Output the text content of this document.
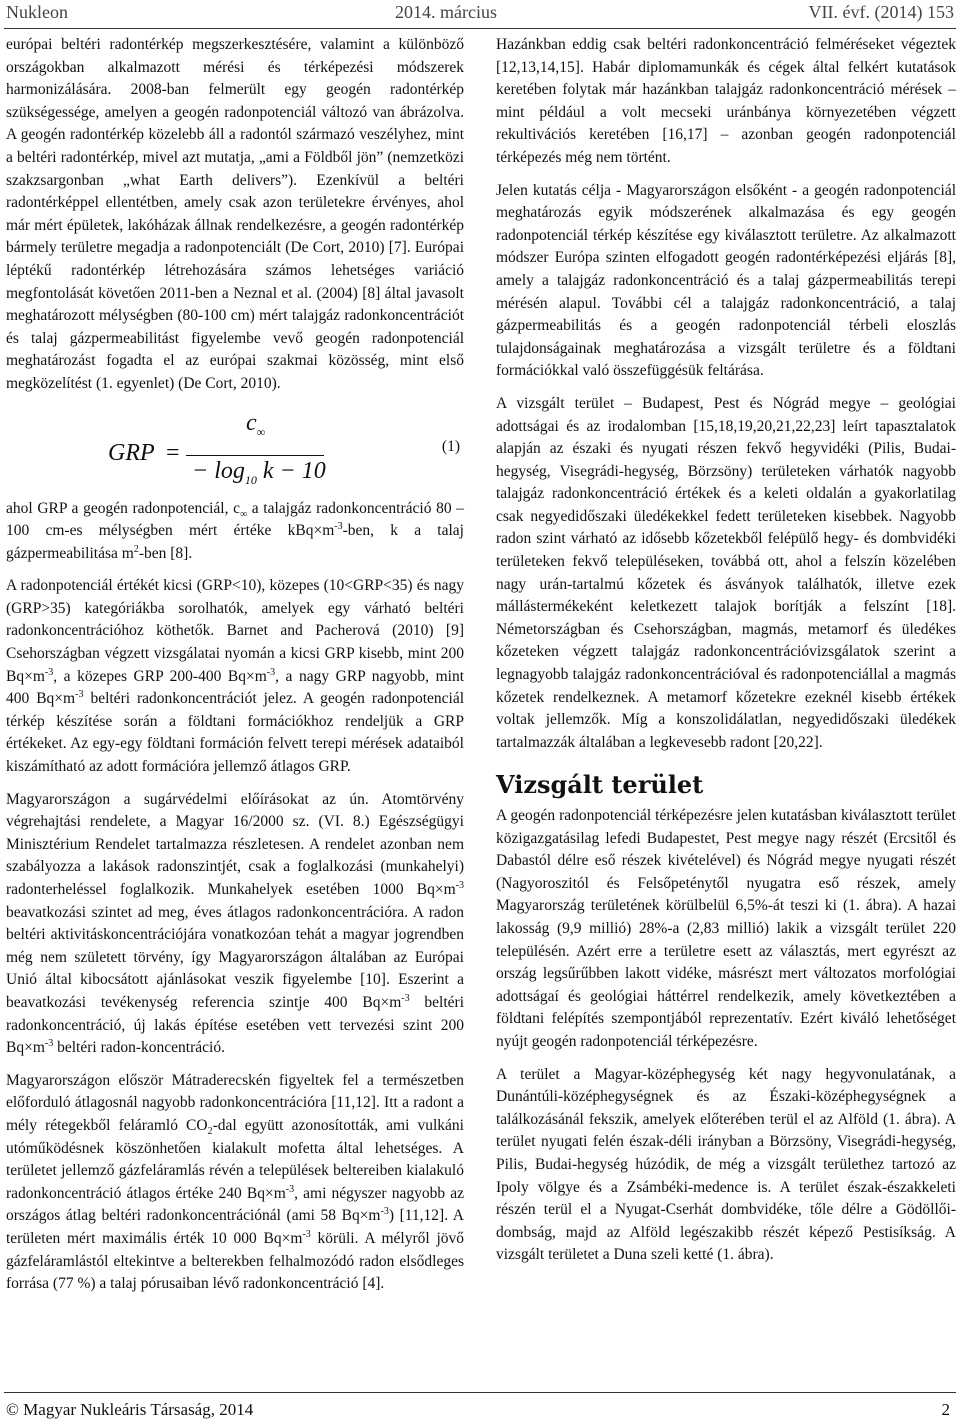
Nukleon	2014. március	VII. évf. (2014) 153

európai beltéri radontérkép megszerkesztésére, valamint a különböző országokban alkalmazott mérési és térképezési módszerek harmonizálására. 2008-ban felmerült egy geogén radontérkép szükségessége, amelyen a geogén radonpotenciál változó van ábrázolva. A geogén radontérkép közelebb áll a radontól származó veszélyhez, mint a beltéri radontérkép, mivel azt mutatja, „ami a Földből jön” (nemzetközi szakzsargonban „what Earth delivers”). Ezenkívül a beltéri radontérképpel ellentétben, amely csak azon területekre érvényes, ahol már mért épületek, lakóházak állnak rendelkezésre, a geogén radontérkép bármely területre megadja a radonpotenciált (De Cort, 2010) [7]. Európai léptékű radontérkép létrehozására számos lehetséges variáció megfontolását követően 2011-ben a Neznal et al. (2004) [8] által javasolt meghatározott mélységben (80-100 cm) mért talajgáz radonkoncentrációt és talaj gázpermeabilitást figyelembe vevő geogén radonpotenciál meghatározást fogadta el az európai szakmai közösség, mint első megközelítést (1. egyenlet) (De Cort, 2010).

GRP =
$c_\infty$
− $\log_{10} k - 10$
(1)

ahol GRP a geogén radonpotenciál, $c_\infty$ a talajgáz radonkoncentráció 80 – 100 cm-es mélységben mért értéke $kBq\times m^{-3}$-ben, k a talaj gázpermeabilitása $m^2$-ben [8].

A radonpotenciál értékét kicsi (GRP<10), közepes (10<GRP<35) és nagy (GRP>35) kategóriákba sorolhatók, amelyek egy várható beltéri radonkoncentrációhoz köthetők. Barnet and Pacherová (2010) [9] Csehországban végzett vizsgálatai nyomán a kicsi GRP kisebb, mint 200 $Bq\times m^{-3}$, a közepes GRP 200-400 $Bq\times m^{-3}$, a nagy GRP nagyobb, mint 400 $Bq\times m^{-3}$ beltéri radonkoncentrációt jelez. A geogén radonpotenciál térkép készítése során a földtani formációkhoz rendeljük a GRP értékeket. Az egy-egy földtani formáción felvett terepi mérések adataiból kiszámítható az adott formációra jellemző átlagos GRP.

Magyarországon a sugárvédelmi előírásokat az ún. Atomtörvény végrehajtási rendelete, a Magyar 16/2000 sz. (VI. 8.) Egészségügyi Minisztérium Rendelet tartalmazza részletesen. A rendelet azonban nem szabályozza a lakások radonszintjét, csak a foglalkozási (munkahelyi) radonterheléssel foglalkozik. Munkahelyek esetében 1000 $Bq\times m^{-3}$ beavatkozási szintet ad meg, éves átlagos radonkoncentrációra. A radon beltéri aktivitáskoncentrációjára vonatkozóan tehát a magyar jogrendben még nem született törvény, így Magyarországon általában az Európai Unió által kibocsátott ajánlásokat veszik figyelembe [10]. Eszerint a beavatkozási tevékenység referencia szintje 400 $Bq\times m^{-3}$ beltéri radonkoncentráció, új lakás építése esetében vett tervezési szint 200 $Bq\times m^{-3}$ beltéri radon-koncentráció.

Magyarországon először Mátraderecskén figyeltek fel a természetben előforduló átlagosnál nagyobb radonkoncentrációra [11,12]. Itt a radont a mély rétegekből feláramló $CO_2$-dal együtt azonosították, ami vulkáni utóműködésnek köszönhetően kialakult mofetta által lehetséges. A területet jellemző gázfeláramlás révén a települések beltereiben kialakuló radonkoncentráció átlagos értéke 240 $Bq\times m^{-3}$, ami négyszer nagyobb az országos átlag beltéri radonkoncentrációnál (ami 58 $Bq\times m^{-3}$) [11,12]. A területen mért maximális érték 10 000 $Bq\times m^{-3}$ körüli. A mélyről jövő gázfeláramlástól eltekintve a belterekben felhalmozódó radon elsődleges forrása (77 %) a talaj pórusaiban lévő radonkoncentráció [4].

Hazánkban eddig csak beltéri radonkoncentráció felméréseket végeztek [12,13,14,15]. Habár diplomamunkák és cégek által felkért kutatások keretében folytak már hazánkban talajgáz radonkoncentráció mérések – mint például a volt mecseki uránbánya környezetében végzett rekultivációs keretében [16,17] – azonban geogén radonpotenciál térképezés még nem történt.

Jelen kutatás célja - Magyarországon elsőként - a geogén radonpotenciál meghatározás egyik módszerének alkalmazása és egy geogén radonpotenciál térkép készítése egy kiválasztott területre. Az alkalmazott módszer Európa szinten elfogadott geogén radontérképezési eljárás [8], amely a talajgáz radonkoncentráció és a talaj gázpermeabilitás terepi mérésén alapul. További cél a talajgáz radonkoncentráció, a talaj gázpermeabilitás és a geogén radonpotenciál térbeli eloszlás tulajdonságainak meghatározása a vizsgált területre és a földtani formációkkal való összefüggésük feltárása.

A vizsgált terület – Budapest, Pest és Nógrád megye – geológiai adottságai és az irodalomban [15,18,19,20,21,22,23] leírt tapasztalatok alapján az északi és nyugati részen fekvő hegyvidéki (Pilis, Budai-hegység, Visegrádi-hegység, Börzsöny) területeken várhatók nagyobb talajgáz radonkoncentráció értékek és a keleti oldalán a gyakorlatilag csak negyedidőszaki üledékekkel fedett területeken kisebbek. Nagyobb radon szint várható az idősebb kőzetekből felépülő hegy- és dombvidéki területeken fekvő településeken, továbbá ott, ahol a felszín közelében nagy urán-tartalmú kőzetek és ásványok találhatók, illetve ezek mállástermékeként keletkezett talajok borítják a felszínt [18]. Németországban és Csehországban, magmás, metamorf és üledékes kőzeteken végzett talajgáz radonkoncentrációvizsgálatok szerint a legnagyobb talajgáz radonkoncentrációval és radonpotenciállal a magmás kőzetek rendelkeznek. A metamorf kőzetekre ezeknél kisebb értékek voltak jellemzők. Míg a konszolidálatlan, negyedidőszaki üledékek tartalmazzák általában a legkevesebb radont [20,22].

Vizsgált terület

A geogén radonpotenciál térképezésre jelen kutatásban kiválasztott terület közigazgatásilag lefedi Budapestet, Pest megye nagy részét (Ercsitől és Dabastól délre eső részek kivételével) és Nógrád megye nyugati részét (Nagyoroszitól és Felsőpeténytől nyugatra eső részek, amely Magyarország területének körülbelül 6,5%-át teszi ki (1. ábra). A hazai lakosság (9,9 millió) 28%-a (2,83 millió) lakik a vizsgált terület 220 településén. Azért erre a területre esett az választás, mert egyrészt az ország legsűrűbben lakott vidéke, másrészt mert változatos morfológiai adottságaí és geológiai háttérrel rendelkezik, amely következtében a földtani felépítés szempontjából reprezentatív. Ezért kiváló lehetőséget nyújt geogén radonpotenciál térképezésre.

A terület a Magyar-középhegység két nagy hegyvonulatának, a Dunántúli-középhegységnek és az Északi-középhegységnek a találkozásánál fekszik, amelyek előterében terül el az Alföld (1. ábra). A terület nyugati felén észak-déli irányban a Börzsöny, Visegrádi-hegység, Pilis, Budai-hegység húzódik, de még a vizsgált területhez tartozó az Ipoly völgye és a Zsámbéki-medence is. A terület észak-északkeleti részén terül el a Nyugat-Cserhát dombvidéke, tőle délre a Gödöllői-dombság, majd az Alföld legészakibb részét képező Pestisíkság. A vizsgált területet a Duna szeli ketté (1. ábra).

© Magyar Nukleáris Társaság, 2014	2
